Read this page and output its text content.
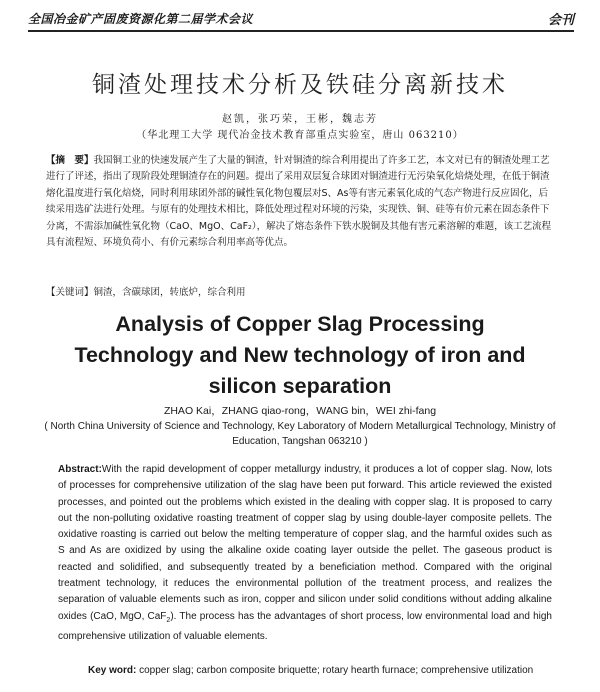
全国冶金矿产固废资源化第二届学术会议	会刊
铜渣处理技术分析及铁硅分离新技术
赵凯，张巧荣，王彬，魏志芳
（华北理工大学 现代冶金技术教育部重点实验室，唐山 063210）
【摘　要】我国铜工业的快速发展产生了大量的铜渣，针对铜渣的综合利用提出了许多工艺，本文对已有的铜渣处理工艺进行了评述，指出了现阶段处理铜渣存在的问题。提出了采用双层复合球团对铜渣进行无污染氧化焙烧处理，在低于铜渣熔化温度进行氧化焙烧，同时利用球团外部的碱性氧化物包覆层对S、As等有害元素氧化成的气态产物进行反应固化，后续采用选矿法进行处理。与原有的处理技术相比，降低处理过程对环境的污染，实现铁、铜、硅等有价元素在固态条件下分离，不需添加碱性氧化物（CaO、MgO、CaF₂），解决了熔态条件下铁水脱铜及其他有害元素溶解的难题，该工艺流程具有流程短、环境负荷小、有价元素综合利用率高等优点。
【关键词】铜渣，含碳球团，转底炉，综合利用
Analysis of Copper Slag Processing
Technology and New technology of iron and
silicon separation
ZHAO Kai，ZHANG qiao-rong，WANG bin，WEI zhi-fang
( North China University of Science and Technology, Key Laboratory of Modern Metallurgical Technology, Ministry of Education, Tangshan 063210 )
Abstract:With the rapid development of copper metallurgy industry, it produces a lot of copper slag. Now, lots of processes for comprehensive utilization of the slag have been put forward. This article reviewed the existed processes, and pointed out the problems which existed in the dealing with copper slag. It is proposed to carry out the non-polluting oxidative roasting treatment of copper slag by using double-layer composite pellets. The oxidative roasting is carried out below the melting temperature of copper slag, and the harmful oxides such as S and As are oxidized by using the alkaline oxide coating layer outside the pellet. The gaseous product is reacted and solidified, and subsequently treated by a beneficiation method. Compared with the original treatment technology, it reduces the environmental pollution of the treatment process, and realizes the separation of valuable elements such as iron, copper and silicon under solid conditions without adding alkaline oxides (CaO, MgO, CaF$_2$). The process has the advantages of short process, low environmental load and high comprehensive utilization of valuable elements.
Key word: copper slag; carbon composite briquette; rotary hearth furnace; comprehensive utilization
